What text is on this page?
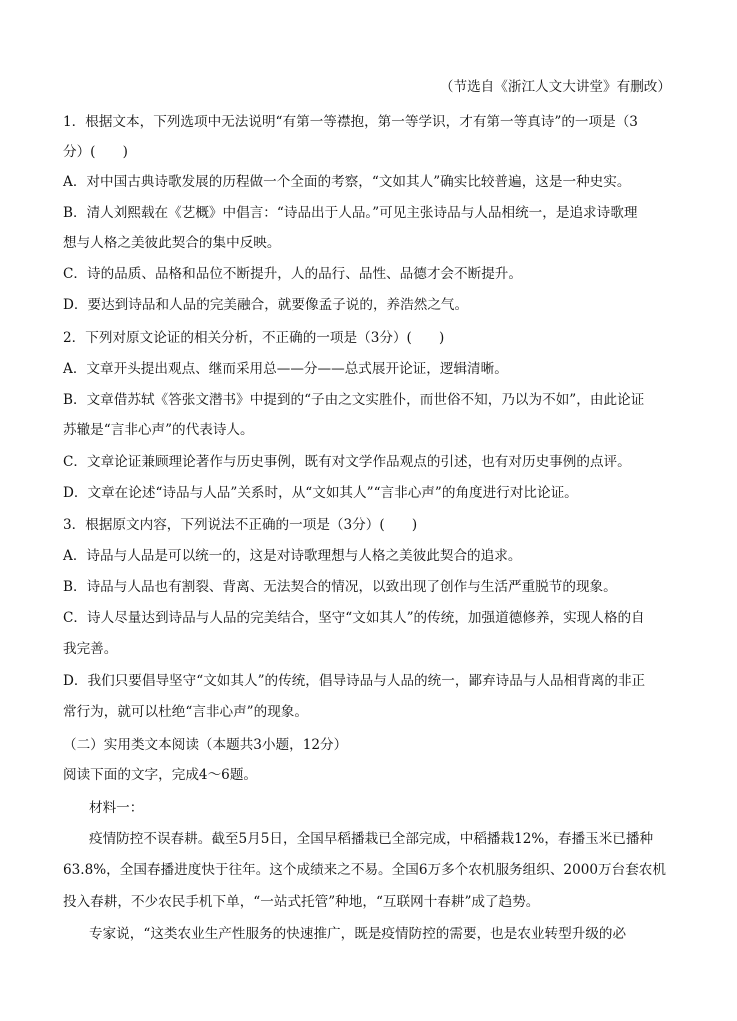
（节选自《浙江人文大讲堂》有删改）
1．根据文本，下列选项中无法说明“有第一等襟抱，第一等学识，才有第一等真诗”的一项是（3
分）(　　)
A．对中国古典诗歌发展的历程做一个全面的考察，“文如其人”确实比较普遍，这是一种史实。
B．清人刘熙载在《艺概》中倡言：“诗品出于人品。”可见主张诗品与人品相统一，是追求诗歌理
想与人格之美彼此契合的集中反映。
C．诗的品质、品格和品位不断提升，人的品行、品性、品德才会不断提升。
D．要达到诗品和人品的完美融合，就要像孟子说的，养浩然之气。
2．下列对原文论证的相关分析，不正确的一项是（3分）(　　)
A．文章开头提出观点、继而采用总——分——总式展开论证，逻辑清晰。
B．文章借苏轼《答张文潜书》中提到的“子由之文实胜仆，而世俗不知，乃以为不如”，由此论证
苏辙是“言非心声”的代表诗人。
C．文章论证兼顾理论著作与历史事例，既有对文学作品观点的引述，也有对历史事例的点评。
D．文章在论述“诗品与人品”关系时，从“文如其人”“言非心声”的角度进行对比论证。
3．根据原文内容，下列说法不正确的一项是（3分）(　　)
A．诗品与人品是可以统一的，这是对诗歌理想与人格之美彼此契合的追求。
B．诗品与人品也有割裂、背离、无法契合的情况，以致出现了创作与生活严重脱节的现象。
C．诗人尽量达到诗品与人品的完美结合，坚守“文如其人”的传统，加强道德修养，实现人格的自
我完善。
D．我们只要倡导坚守“文如其人”的传统，倡导诗品与人品的统一，鄙弃诗品与人品相背离的非正
常行为，就可以杜绝“言非心声”的现象。
（二）实用类文本阅读（本题共3小题，12分）
阅读下面的文字，完成4～6题。
材料一：
疫情防控不误春耕。截至5月5日，全国早稻播栽已全部完成，中稻播栽12%，春播玉米已播种
63.8%，全国春播进度快于往年。这个成绩来之不易。全国6万多个农机服务组织、2000万台套农机
投入春耕，不少农民手机下单，“一站式托管”种地，“互联网十春耕”成了趋势。
专家说，“这类农业生产性服务的快速推广，既是疫情防控的需要，也是农业转型升级的必
